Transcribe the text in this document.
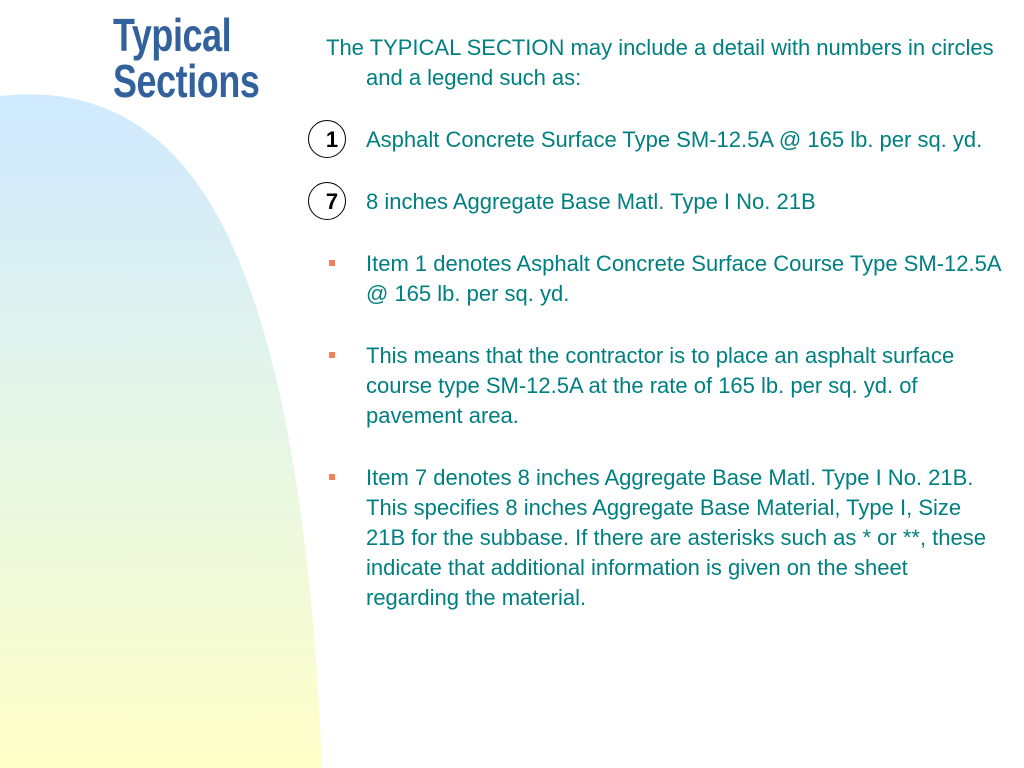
Typical
Sections

The TYPICAL SECTION may include a detail with numbers in circles and a legend such as:

1 Asphalt Concrete Surface Type SM-12.5A @ 165 lb. per sq. yd.
7 8 inches Aggregate Base Matl. Type I No. 21B
Item 1 denotes Asphalt Concrete Surface Course Type SM-12.5A @ 165 lb. per sq. yd.
This means that the contractor is to place an asphalt surface course type SM-12.5A at the rate of 165 lb. per sq. yd. of pavement area.
Item 7 denotes 8 inches Aggregate Base Matl. Type I No. 21B. This specifies 8 inches Aggregate Base Material, Type I, Size 21B for the subbase. If there are asterisks such as * or **, these indicate that additional information is given on the sheet regarding the material.
